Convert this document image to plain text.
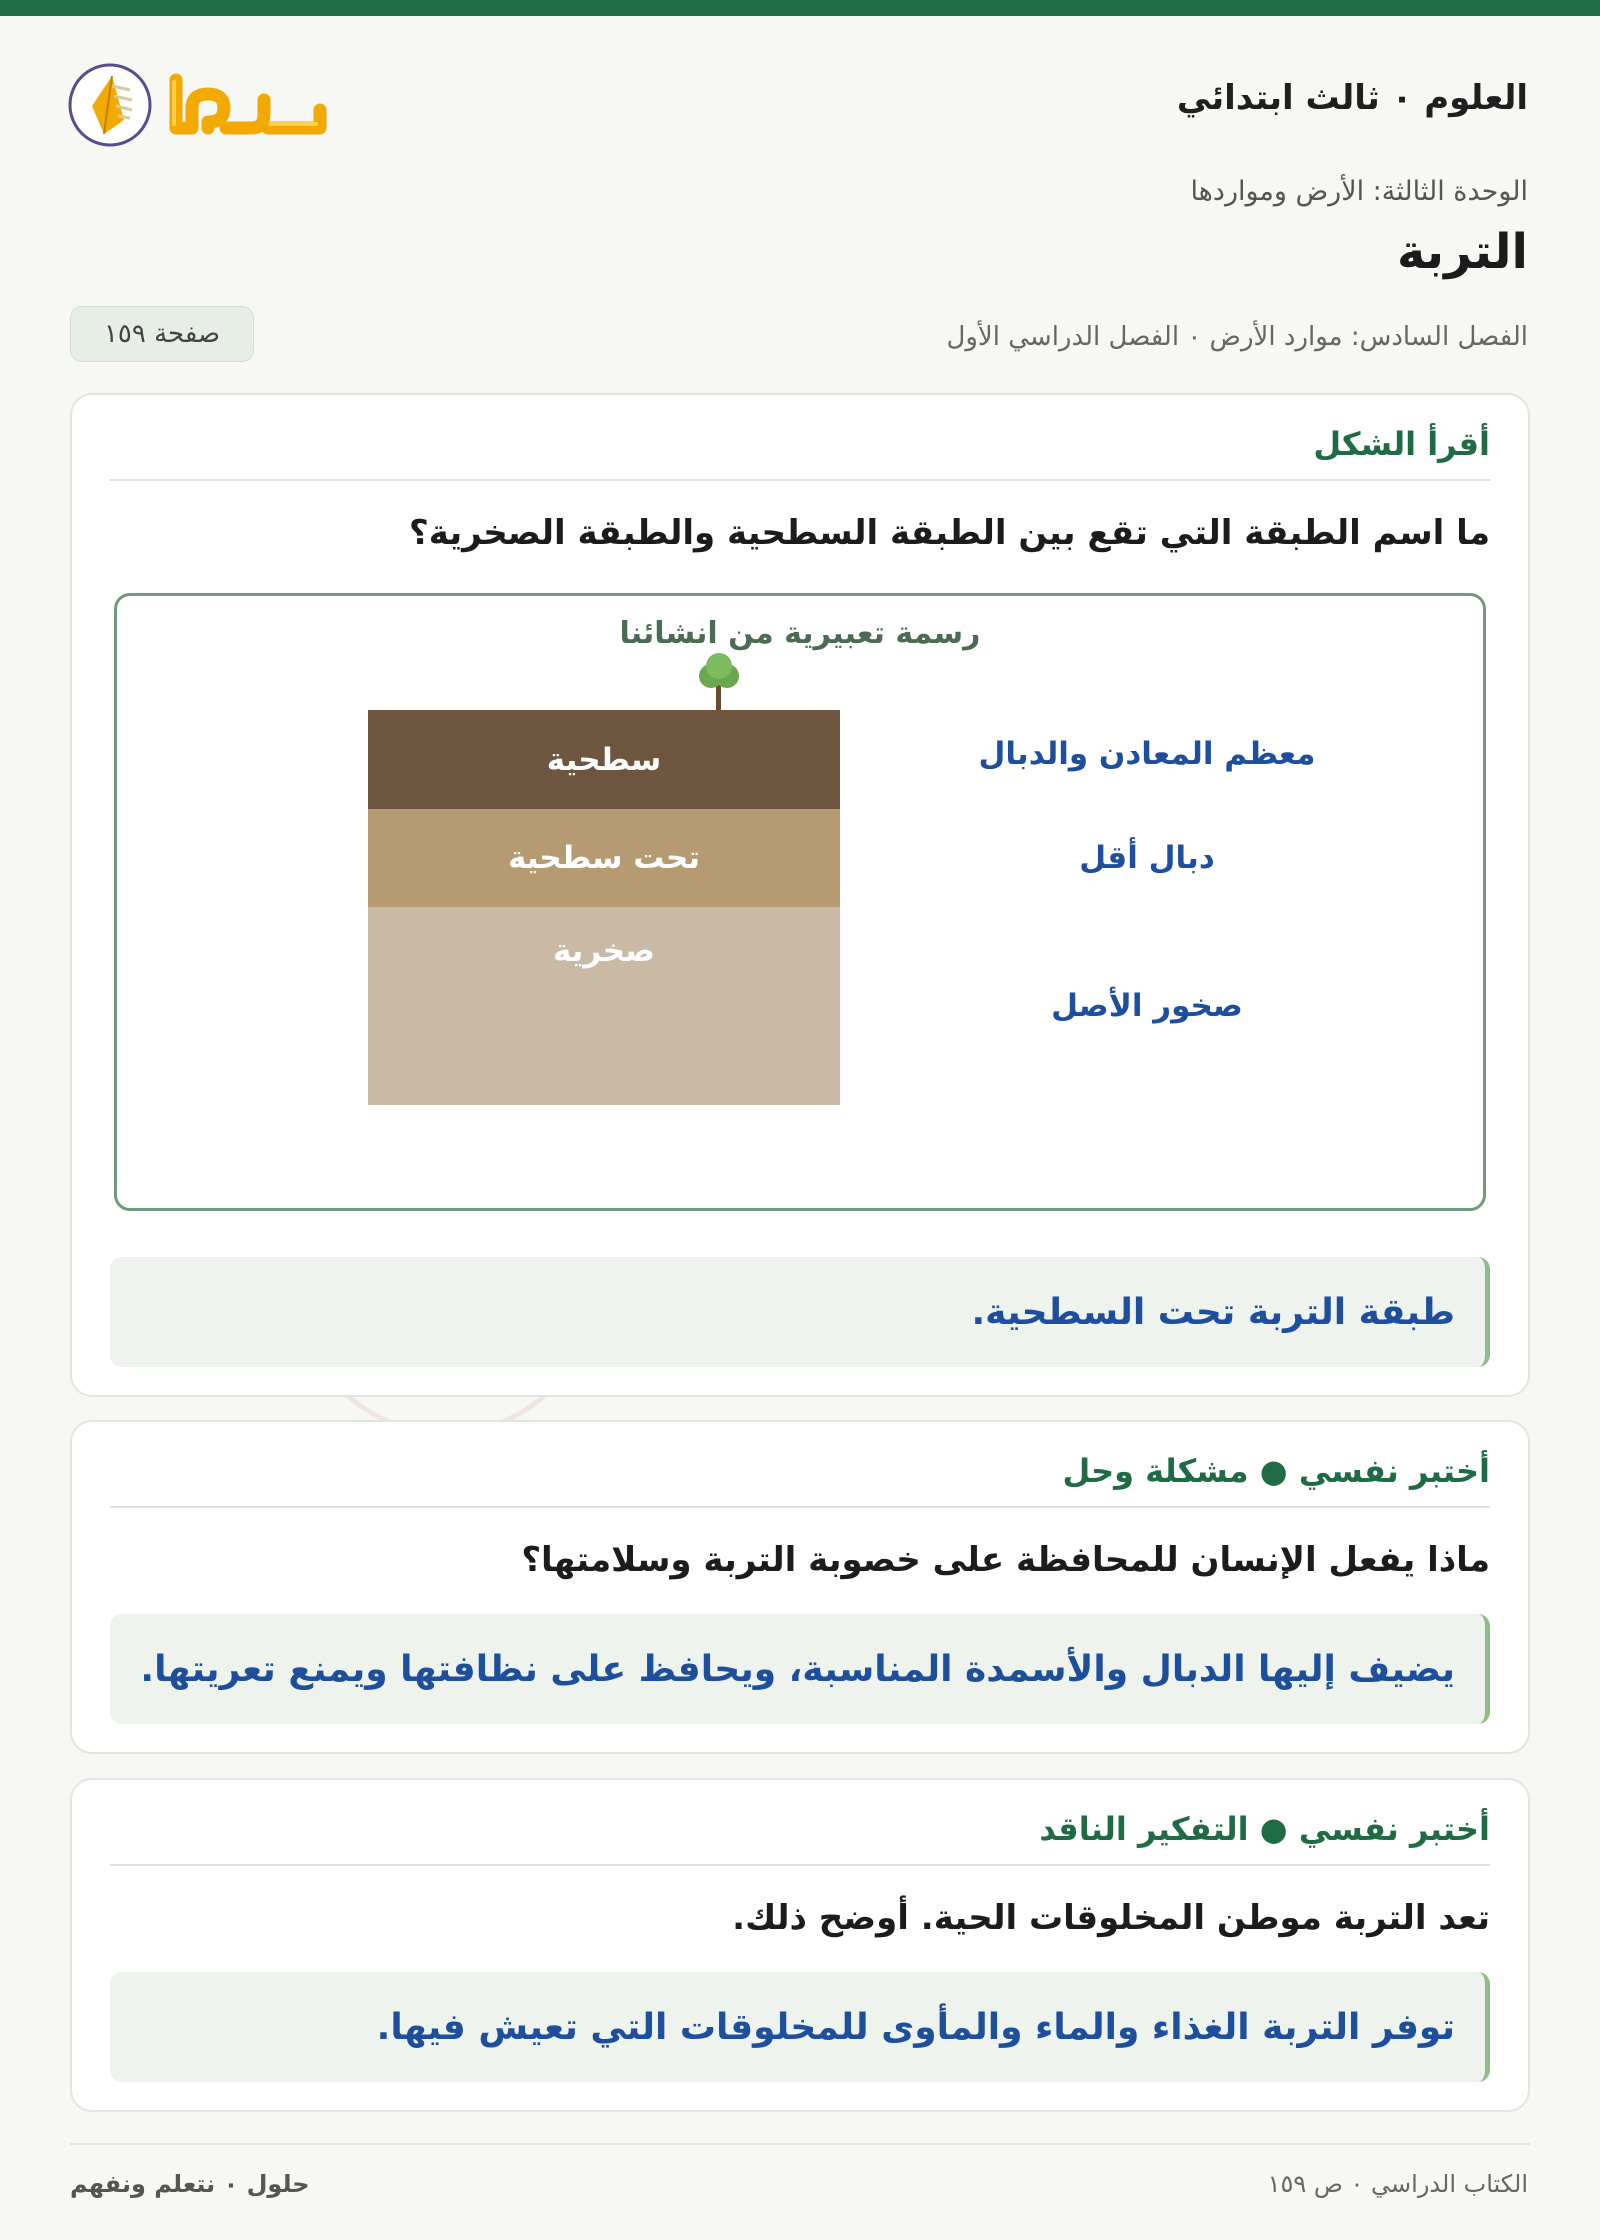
العلوم ٠ ثالث ابتدائي
الوحدة الثالثة: الأرض ومواردها
التربة
الفصل السادس: موارد الأرض ٠ الفصل الدراسي الأول
صفحة ١٥٩
أقرأ الشكل
ما اسم الطبقة التي تقع بين الطبقة السطحية والطبقة الصخرية؟
رسمة تعبيرية من انشائنا
سطحية
تحت سطحية
صخرية
معظم المعادن والدبال
دبال أقل
صخور الأصل
طبقة التربة تحت السطحية.
أختبر نفسي ● مشكلة وحل
ماذا يفعل الإنسان للمحافظة على خصوبة التربة وسلامتها؟
يضيف إليها الدبال والأسمدة المناسبة، ويحافظ على نظافتها ويمنع تعريتها.
أختبر نفسي ● التفكير الناقد
تعد التربة موطن المخلوقات الحية. أوضح ذلك.
توفر التربة الغذاء والماء والمأوى للمخلوقات التي تعيش فيها.
الكتاب الدراسي ٠ ص ١٥٩
حلول ٠ نتعلم ونفهم
